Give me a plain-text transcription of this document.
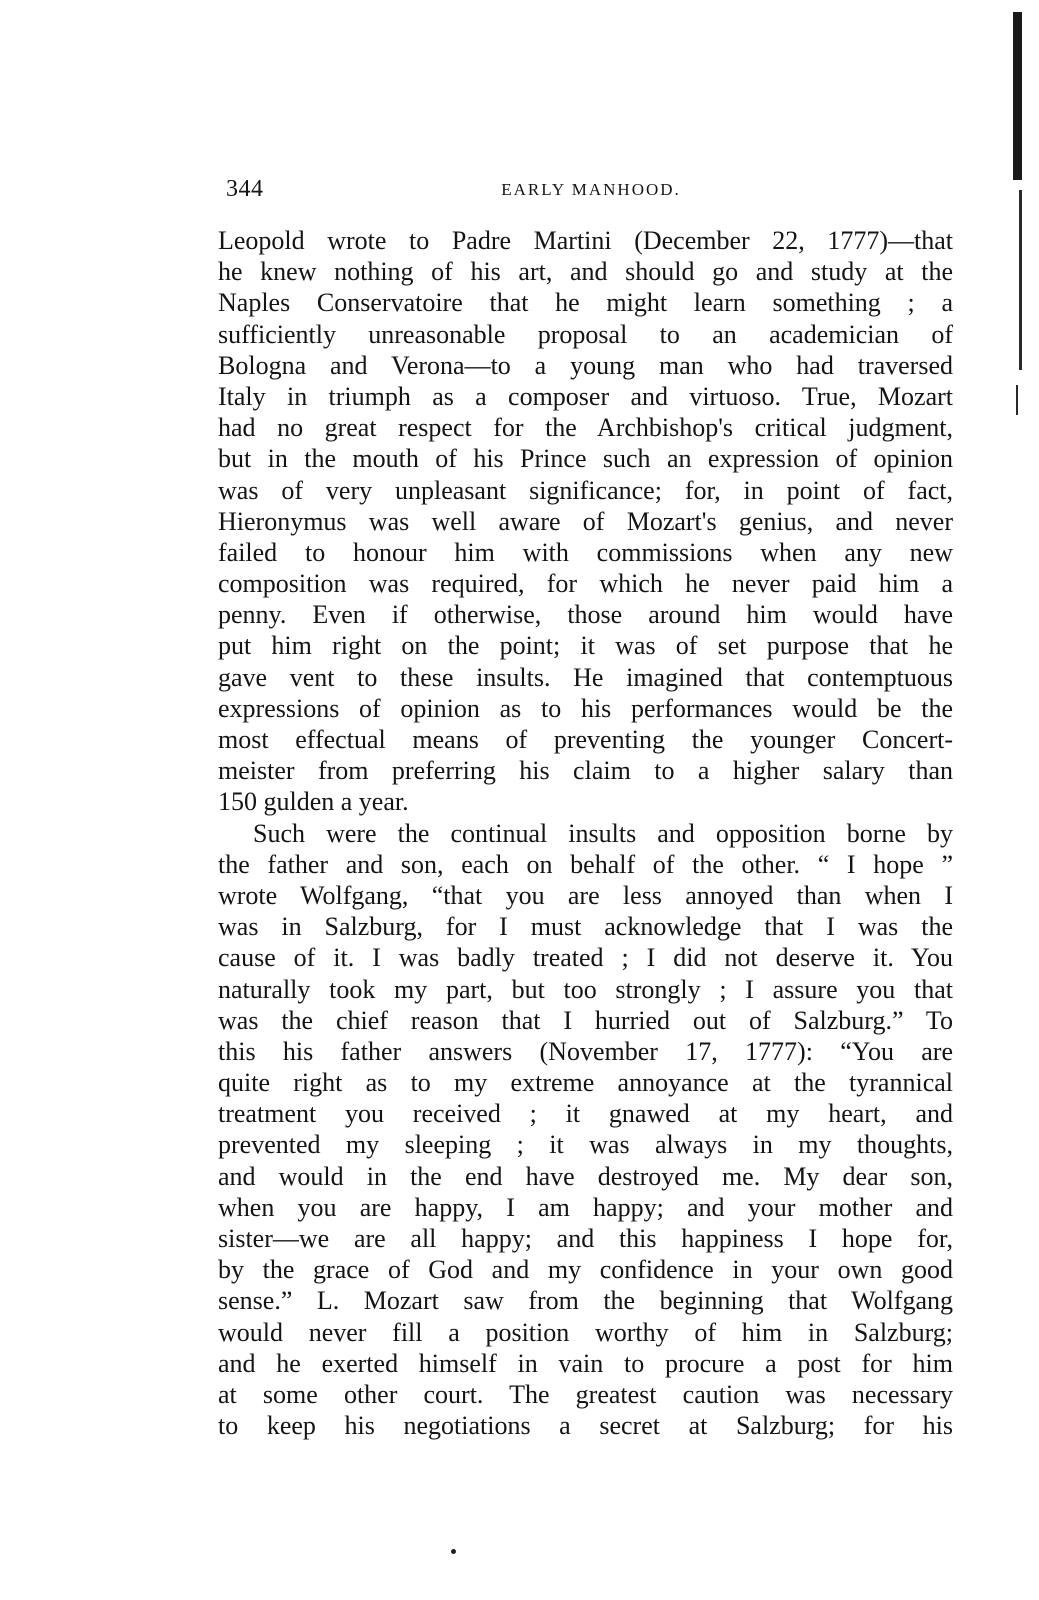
344	EARLY MANHOOD.
Leopold wrote to Padre Martini (December 22, 1777)—that
he knew nothing of his art, and should go and study at the
Naples Conservatoire that he might learn something ; a
sufficiently unreasonable proposal to an academician of
Bologna and Verona—to a young man who had traversed
Italy in triumph as a composer and virtuoso. True, Mozart
had no great respect for the Archbishop's critical judgment,
but in the mouth of his Prince such an expression of opinion
was of very unpleasant significance; for, in point of fact,
Hieronymus was well aware of Mozart's genius, and never
failed to honour him with commissions when any new
composition was required, for which he never paid him a
penny. Even if otherwise, those around him would have
put him right on the point; it was of set purpose that he
gave vent to these insults. He imagined that contemptuous
expressions of opinion as to his performances would be the
most effectual means of preventing the younger Concert-
meister from preferring his claim to a higher salary than
150 gulden a year.
Such were the continual insults and opposition borne by
the father and son, each on behalf of the other. “ I hope ”
wrote Wolfgang, “that you are less annoyed than when I
was in Salzburg, for I must acknowledge that I was the
cause of it. I was badly treated ; I did not deserve it. You
naturally took my part, but too strongly ; I assure you that
was the chief reason that I hurried out of Salzburg.” To
this his father answers (November 17, 1777): “You are
quite right as to my extreme annoyance at the tyrannical
treatment you received ; it gnawed at my heart, and
prevented my sleeping ; it was always in my thoughts,
and would in the end have destroyed me. My dear son,
when you are happy, I am happy; and your mother and
sister—we are all happy; and this happiness I hope for,
by the grace of God and my confidence in your own good
sense.” L. Mozart saw from the beginning that Wolfgang
would never fill a position worthy of him in Salzburg;
and he exerted himself in vain to procure a post for him
at some other court. The greatest caution was necessary
to keep his negotiations a secret at Salzburg; for his
